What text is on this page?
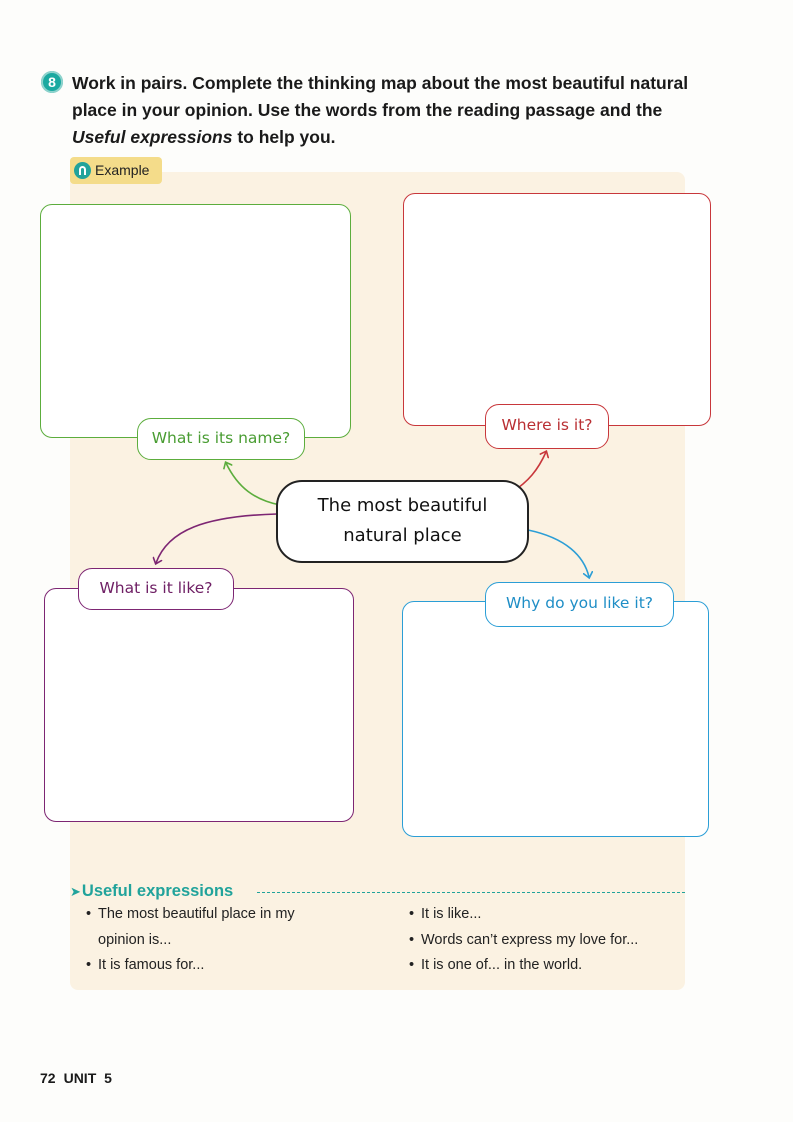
8 Work in pairs. Complete the thinking map about the most beautiful natural place in your opinion. Use the words from the reading passage and the Useful expressions to help you.

Example
What is its name?
Where is it?
What is it like?
Why do you like it?
The most beautiful
natural place
➤Useful expressions
• The most beautiful place in my opinion is...
• It is famous for...
• It is like...
• Words can’t express my love for...
• It is one of... in the world.
72 UNIT 5
